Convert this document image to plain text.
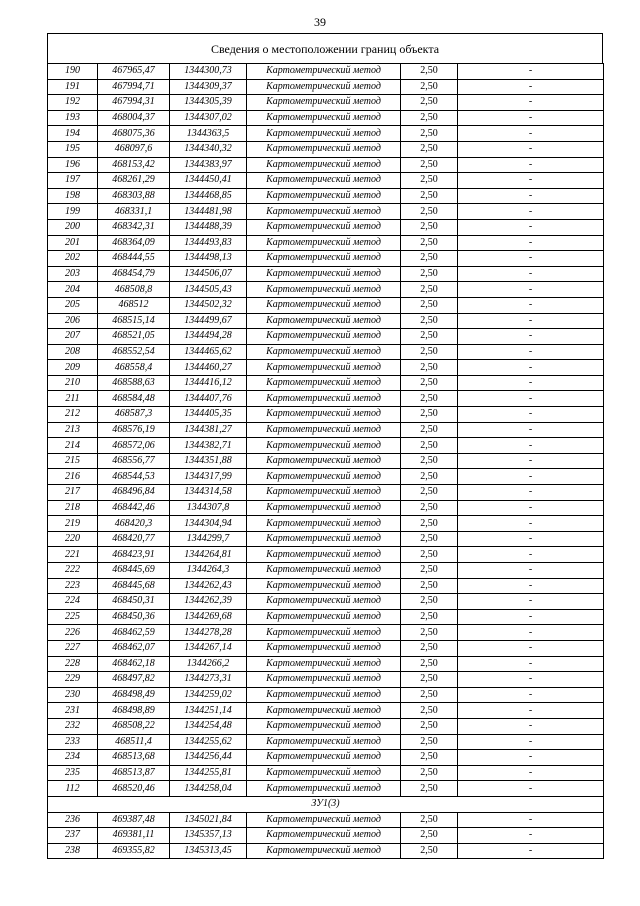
39
Сведения о местоположении границ объекта
190	467965,47	1344300,73	Картометрический метод	2,50	-
191	467994,71	1344309,37	Картометрический метод	2,50	-
192	467994,31	1344305,39	Картометрический метод	2,50	-
193	468004,37	1344307,02	Картометрический метод	2,50	-
194	468075,36	1344363,5	Картометрический метод	2,50	-
195	468097,6	1344340,32	Картометрический метод	2,50	-
196	468153,42	1344383,97	Картометрический метод	2,50	-
197	468261,29	1344450,41	Картометрический метод	2,50	-
198	468303,88	1344468,85	Картометрический метод	2,50	-
199	468331,1	1344481,98	Картометрический метод	2,50	-
200	468342,31	1344488,39	Картометрический метод	2,50	-
201	468364,09	1344493,83	Картометрический метод	2,50	-
202	468444,55	1344498,13	Картометрический метод	2,50	-
203	468454,79	1344506,07	Картометрический метод	2,50	-
204	468508,8	1344505,43	Картометрический метод	2,50	-
205	468512	1344502,32	Картометрический метод	2,50	-
206	468515,14	1344499,67	Картометрический метод	2,50	-
207	468521,05	1344494,28	Картометрический метод	2,50	-
208	468552,54	1344465,62	Картометрический метод	2,50	-
209	468558,4	1344460,27	Картометрический метод	2,50	-
210	468588,63	1344416,12	Картометрический метод	2,50	-
211	468584,48	1344407,76	Картометрический метод	2,50	-
212	468587,3	1344405,35	Картометрический метод	2,50	-
213	468576,19	1344381,27	Картометрический метод	2,50	-
214	468572,06	1344382,71	Картометрический метод	2,50	-
215	468556,77	1344351,88	Картометрический метод	2,50	-
216	468544,53	1344317,99	Картометрический метод	2,50	-
217	468496,84	1344314,58	Картометрический метод	2,50	-
218	468442,46	1344307,8	Картометрический метод	2,50	-
219	468420,3	1344304,94	Картометрический метод	2,50	-
220	468420,77	1344299,7	Картометрический метод	2,50	-
221	468423,91	1344264,81	Картометрический метод	2,50	-
222	468445,69	1344264,3	Картометрический метод	2,50	-
223	468445,68	1344262,43	Картометрический метод	2,50	-
224	468450,31	1344262,39	Картометрический метод	2,50	-
225	468450,36	1344269,68	Картометрический метод	2,50	-
226	468462,59	1344278,28	Картометрический метод	2,50	-
227	468462,07	1344267,14	Картометрический метод	2,50	-
228	468462,18	1344266,2	Картометрический метод	2,50	-
229	468497,82	1344273,31	Картометрический метод	2,50	-
230	468498,49	1344259,02	Картометрический метод	2,50	-
231	468498,89	1344251,14	Картометрический метод	2,50	-
232	468508,22	1344254,48	Картометрический метод	2,50	-
233	468511,4	1344255,62	Картометрический метод	2,50	-
234	468513,68	1344256,44	Картометрический метод	2,50	-
235	468513,87	1344255,81	Картометрический метод	2,50	-
112	468520,46	1344258,04	Картометрический метод	2,50	-
ЗУ1(3)					
236	469387,48	1345021,84	Картометрический метод	2,50	-
237	469381,11	1345357,13	Картометрический метод	2,50	-
238	469355,82	1345313,45	Картометрический метод	2,50	-
